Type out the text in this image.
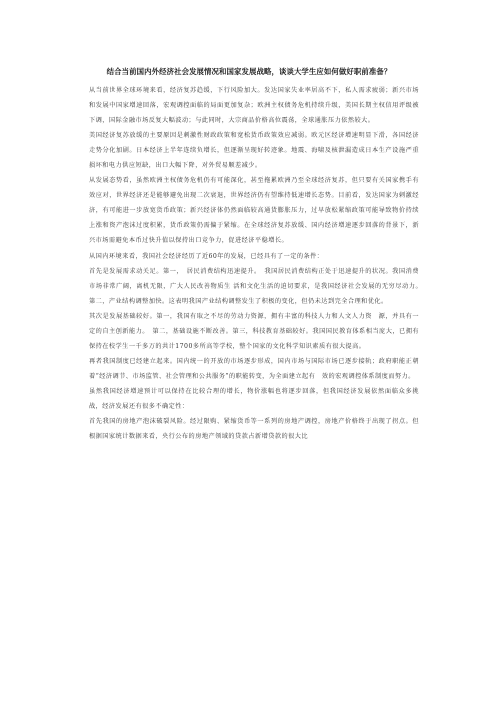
结合当前国内外经济社会发展情况和国家发展战略，谈谈大学生应如何做好职前准备？

从当前世界全球环境来看，经济复苏趋缓，下行风险加大。发达国家失业率居高不下，私人需求疲弱；新兴市场和发展中国家增速回落，宏观调控面临的局面更加复杂；欧洲主权债务危机持续升级，美国长期主权信用评级被下调，国际金融市场反复大幅波动；与此同时，大宗商品价格高位震荡，全球通胀压力依然较大。

美国经济复苏放缓的主要原因是刺激性财政政策和宽松货币政策效应减弱。欧元区经济增速明显下滑，各国经济走势分化加剧。日本经济上半年连续负增长，但逐渐呈现好转迹象。地震、海啸及核泄漏造成日本生产设施严重损坏和电力供应短缺，出口大幅下降，对外贸易顺差减少。

从发展态势看，虽然欧洲主权债务危机仍有可能深化，甚至拖累欧洲乃至全球经济复苏，但只要有关国家携手有效应对，世界经济还是能够避免出现二次衰退，世界经济仍有望维持低速增长态势。目前看，发达国家为刺激经济，有可能进一步放宽货币政策；新兴经济体仍然面临较高通货膨胀压力，过早放松紧缩政策可能导致物价持续上涨和资产泡沫过度积累，货币政策仍需偏于紧缩。在全球经济复苏放缓、国内经济增速逐步回落的背景下，新兴市场需避免本币过快升值以保持出口竞争力，促进经济平稳增长。

从国内环境来看，我国社会经济经历了近60年的发展，已经具有了一定的条件：

首先是发展需求动关足。第一，　居民消费结构迅速提升。　我国居民消费结构正处于迅速提升的状况。我国消费市场非常广阔，离机无限，广大人民改善物质生 活和文化生活的迫切要求，是我国经济社会发展的无穷尽动力。　第二，产业结构调整加快。这表明我国产业结构调整发生了积极的变化，但仍未达到完全合理和优化。

其次是发展基础较好。第一，我国有取之不尽的劳动力资源，拥有丰富的科技人力和人文人力资　源，并具有一定的自主创新能力。　第二，基础设施不断改善。第三，科技教育基础较好。我国国民教育体系相当庞大，已拥有保持在校学生一千多万的共计1700多所高等学校，整个国家的文化科学知识素质有很大提高。

再者我国制度已经建立起来。国内统一的开放的市场逐步形成，国内市场与国际市场已逐步接轨；政府职能正朝着“经济调节、市场监管、社会管理和公共服务”的职能转变，为全面建立起有　效的宏观调控体系制度而努力。

虽然我国经济增速预计可以保持在比较合理的增长，物价涨幅也将逐步回落，但我国经济发展依然面临众多挑战，经济发展还有很多不确定性：

首先我国的房地产泡沫破裂风险。经过限购、紧缩货币等一系列的房地产调控，房地产价格终于出现了拐点。但根据国家统计数据来看，央行公布的房地产领域的贷款占新增贷款的很大比
